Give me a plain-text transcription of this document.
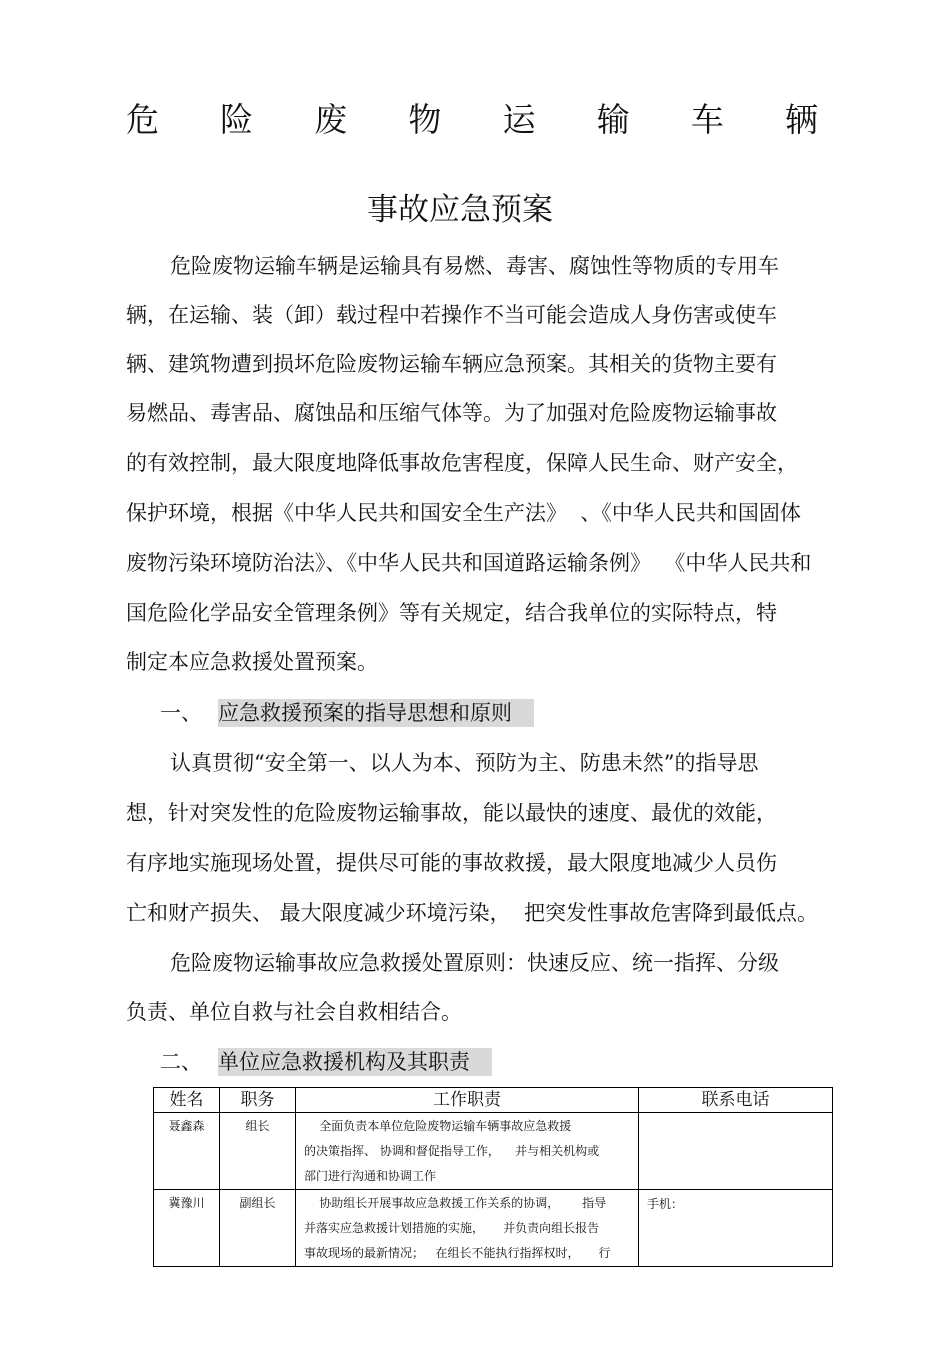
危 险 废 物 运 输 车 辆
事故应急预案
危险废物运输车辆是运输具有易燃、毒害、腐蚀性等物质的专用车
辆，在运输、装（卸）载过程中若操作不当可能会造成人身伤害或使车
辆、建筑物遭到损坏危险废物运输车辆应急预案。其相关的货物主要有
易燃品、毒害品、腐蚀品和压缩气体等。为了加强对危险废物运输事故
的有效控制，最大限度地降低事故危害程度，保障人民生命、财产安全，
保护环境，根据《中华人民共和国安全生产法》  、《中华人民共和国固体
废物污染环境防治法》、《中华人民共和国道路运输条例》  《中华人民共和
国危险化学品安全管理条例》等有关规定，结合我单位的实际特点，特
制定本应急救援处置预案。
一、 应急救援预案的指导思想和原则
认真贯彻“安全第一、以人为本、预防为主、防患未然”的指导思
想，针对突发性的危险废物运输事故，能以最快的速度、最优的效能，
有序地实施现场处置，提供尽可能的事故救援，最大限度地减少人员伤
亡和财产损失、 最大限度减少环境污染，  把突发性事故危害降到最低点。
危险废物运输事故应急救援处置原则：快速反应、统一指挥、分级
负责、单位自救与社会自救相结合。
二、 单位应急救援机构及其职责
姓名	职务	工作职责	联系电话
聂鑫森	组长	全面负责本单位危险废物运输车辆事故应急救援
的决策指挥、 协调和督促指导工作，    并与相关机构或
部门进行沟通和协调工作	

冀豫川	副组长	协助组长开展事故应急救援工作关系的协调，      指导
并落实应急救援计划措施的实施，     并负责向组长报告
事故现场的最新情况；   在组长不能执行指挥权时，     行	手机：
